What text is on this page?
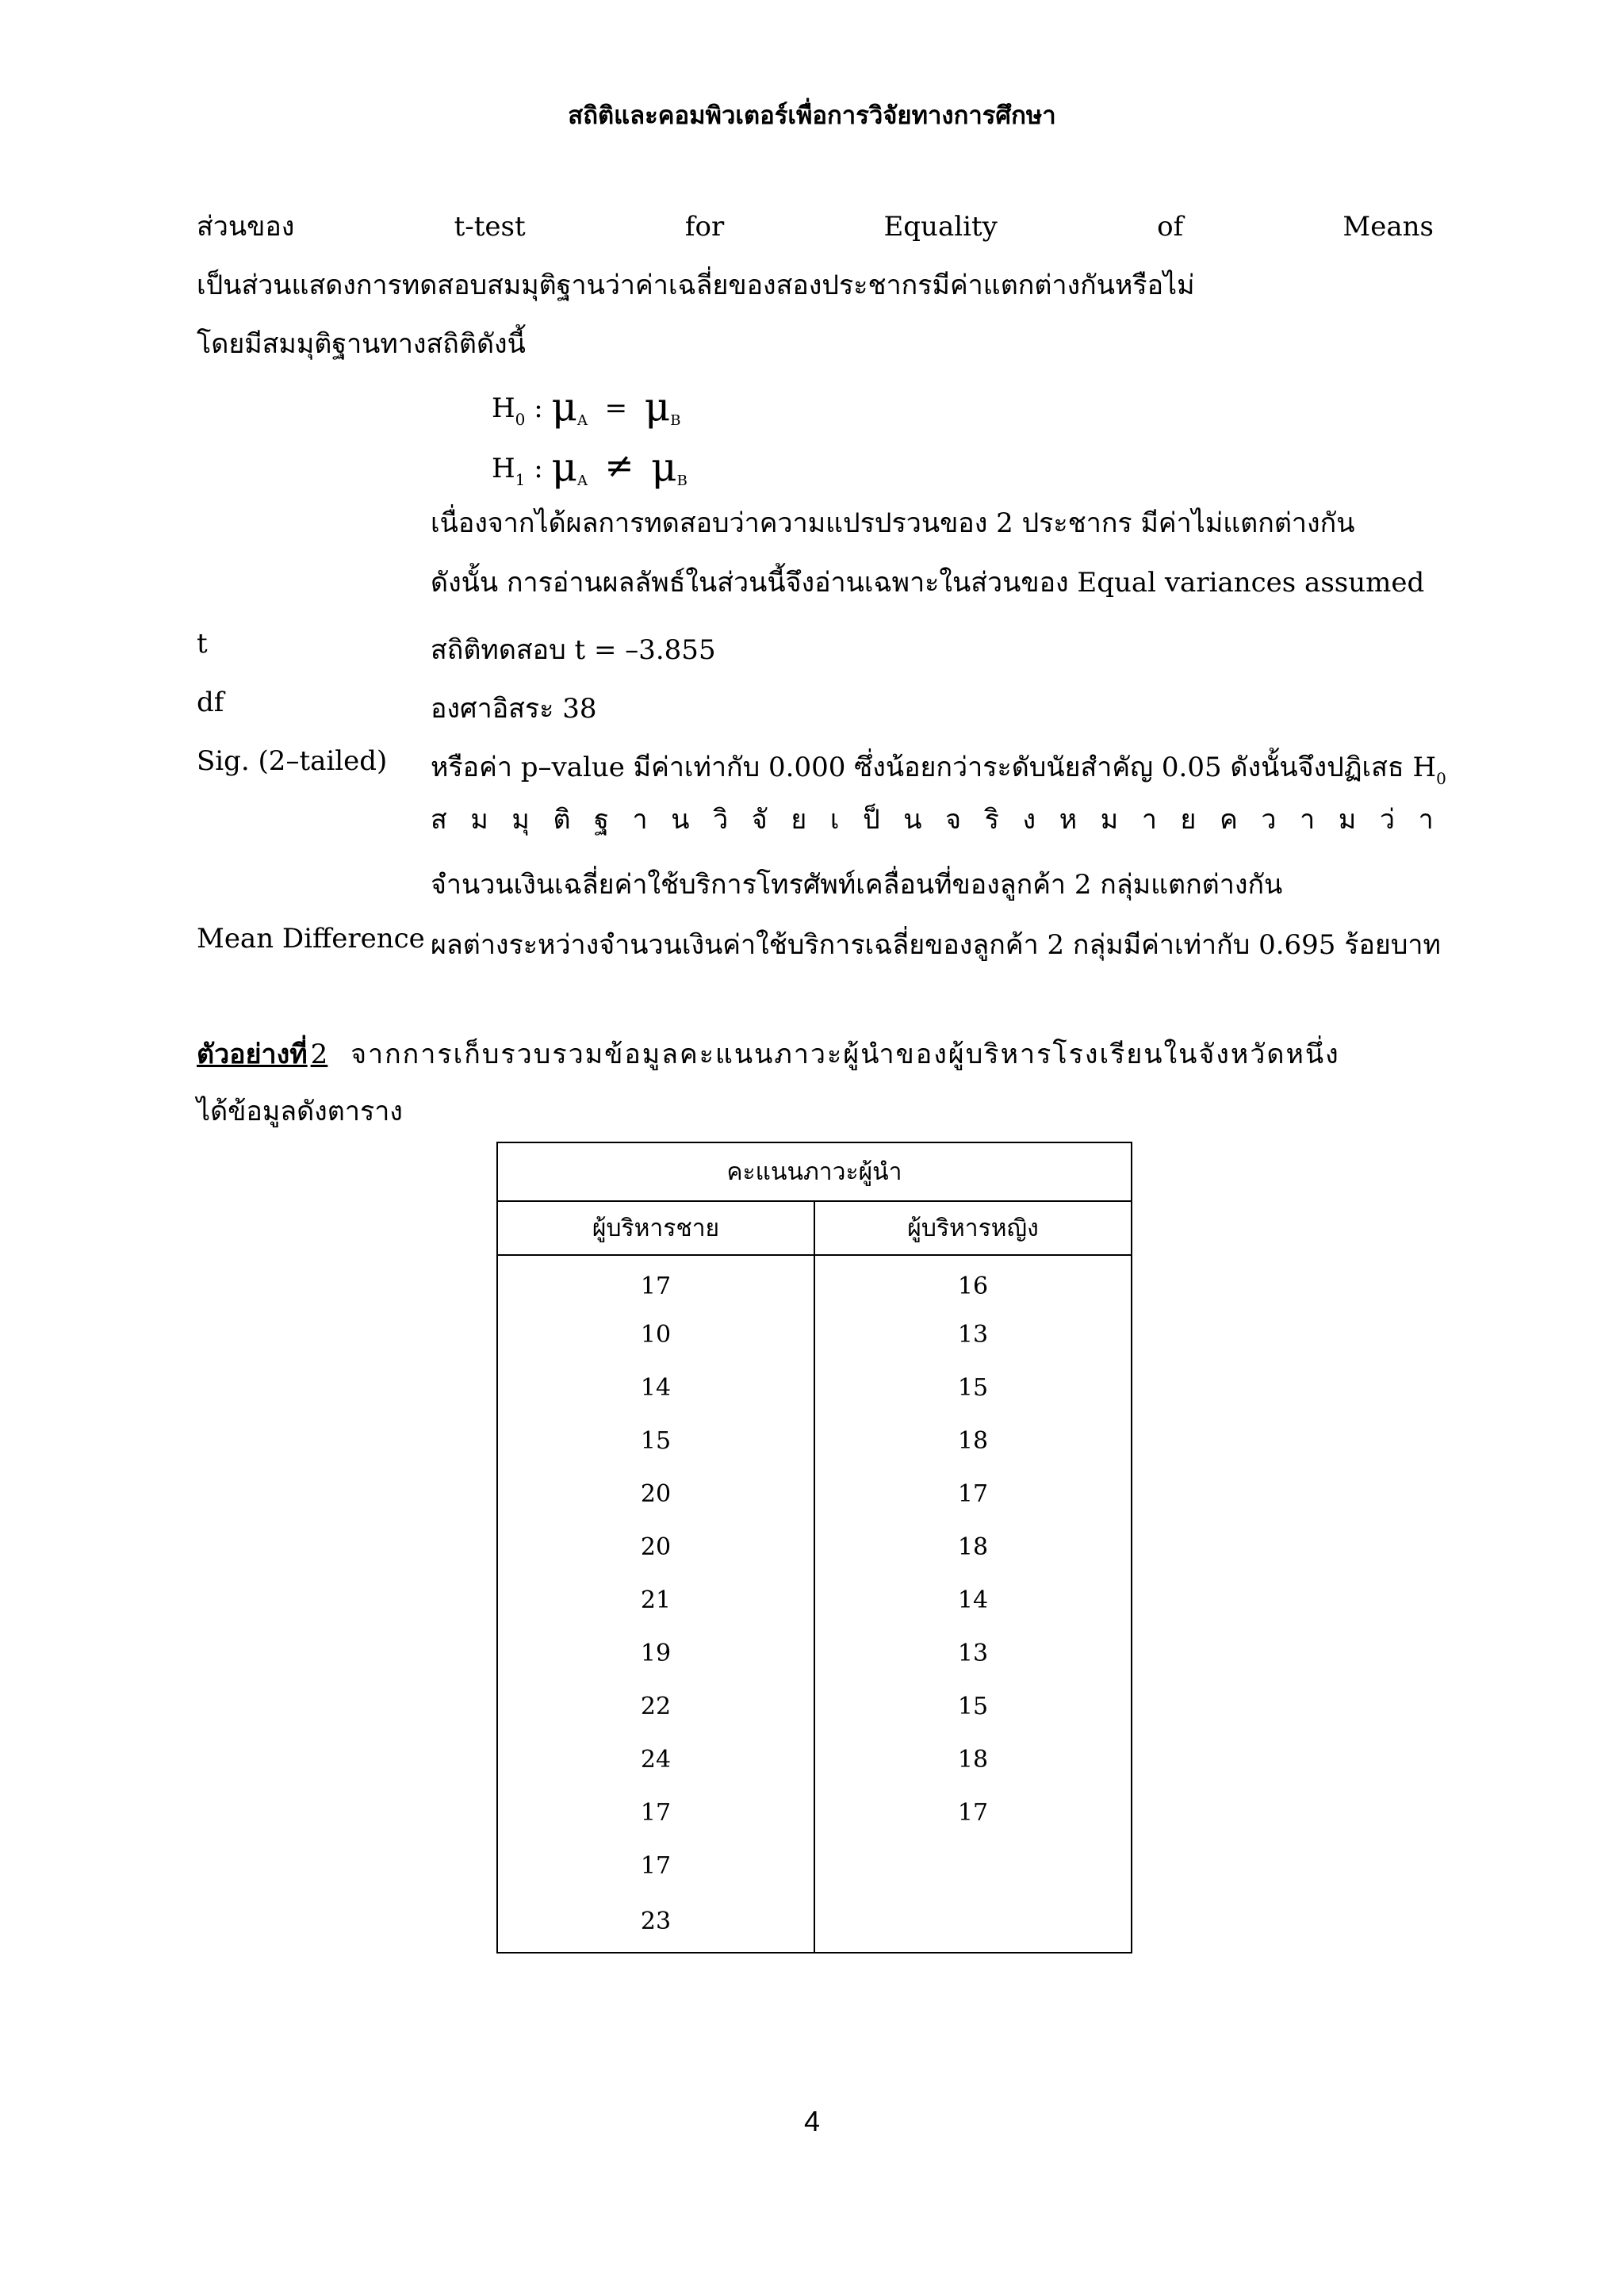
สถิติและคอมพิวเตอร์เพื่อการวิจัยทางการศึกษา
ส่วนของ	t-test	for	Equality	of	Means
เป็นส่วนแสดงการทดสอบสมมุติฐานว่าค่าเฉลี่ยของสองประชากรมีค่าแตกต่างกันหรือไม่
โดยมีสมมุติฐานทางสถิติดังนี้
$H_0$ : $\mu_A = \mu_B$
$H_1$ : $\mu_A \ne \mu_B$
เนื่องจากได้ผลการทดสอบว่าความแปรปรวนของ 2 ประชากร มีค่าไม่แตกต่างกัน
ดังนั้น การอ่านผลลัพธ์ในส่วนนี้จึงอ่านเฉพาะในส่วนของ Equal variances assumed
t	สถิติทดสอบ t = –3.855
df	องศาอิสระ 38
Sig. (2–tailed) หรือค่า p–value มีค่าเท่ากับ 0.000 ซึ่งน้อยกว่าระดับนัยสำคัญ 0.05 ดังนั้นจึงปฏิเสธ $H_0$
ส ม มุ ติ ฐ า น วิ จั ย เ ป็ น จ ริ ง ห ม า ย ค ว า ม ว่ า
จำนวนเงินเฉลี่ยค่าใช้บริการโทรศัพท์เคลื่อนที่ของลูกค้า 2 กลุ่มแตกต่างกัน
Mean Difference ผลต่างระหว่างจำนวนเงินค่าใช้บริการเฉลี่ยของลูกค้า 2 กลุ่มมีค่าเท่ากับ 0.695 ร้อยบาท
ตัวอย่างที่ 2 จากการเก็บรวบรวมข้อมูลคะแนนภาวะผู้นำของผู้บริหารโรงเรียนในจังหวัดหนึ่ง
ได้ข้อมูลดังตาราง
คะแนนภาวะผู้นำ	
ผู้บริหารชาย	ผู้บริหารหญิง
17	16
10	13
14	15
15	18
20	17
20	18
21	14
19	13
22	15
24	18
17	17
17	
23	
4
